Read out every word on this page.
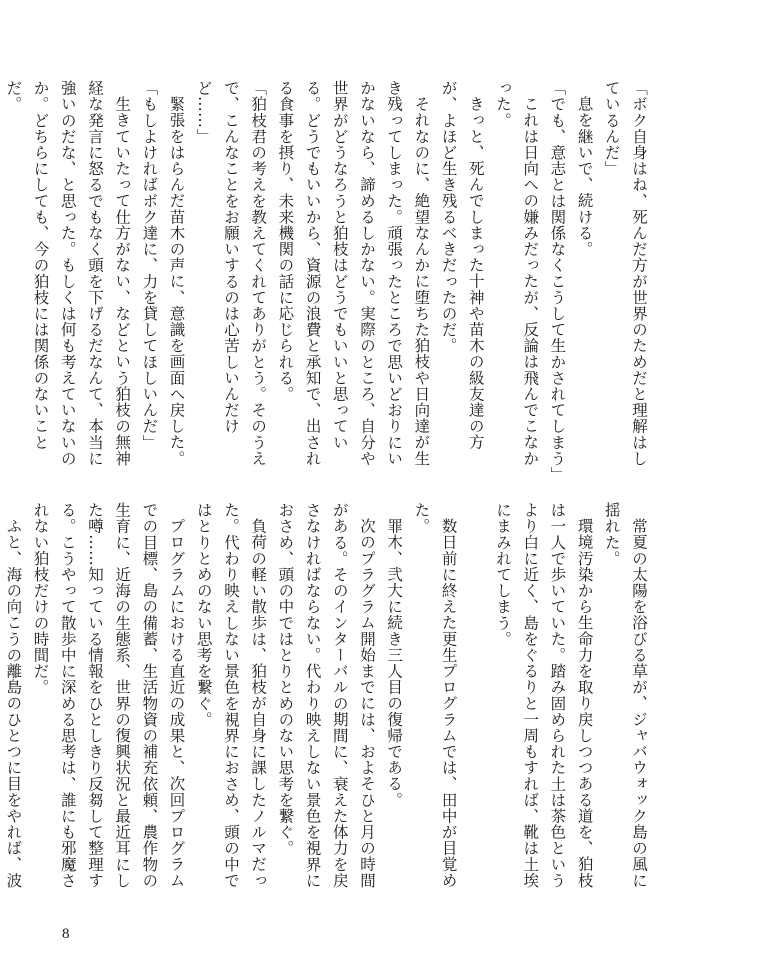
「ボク自身はね、死んだ方が世界のためだと理解はしているんだ」

息を継いで、続ける。

「でも、意志とは関係なくこうして生かされてしまう」

これは日向への嫌みだったが、反論は飛んでこなかった。

きっと、死んでしまった十神や苗木の級友達の方が、よほど生き残るべきだったのだ。

それなのに、絶望なんかに堕ちた狛枝や日向達が生き残ってしまった。頑張ったところで思いどおりにいかないなら、諦めるしかない。実際のところ、自分や世界がどうなろうと狛枝はどうでもいいと思っている。どうでもいいから、資源の浪費と承知で、出される食事を摂り、未来機関の話に応じられる。

「狛枝君の考えを教えてくれてありがとう。そのうえで、こんなことをお願いするのは心苦しいんだけど……」

緊張をはらんだ苗木の声に、意識を画面へ戻した。

「もしよければボク達に、力を貸してほしいんだ」

生きていたって仕方がない、などという狛枝の無神経な発言に怒るでもなく頭を下げるだなんて、本当に強いのだな、と思った。もしくは何も考えていないのか。どちらにしても、今の狛枝には関係のないことだ。

常夏の太陽を浴びる草が、ジャバウォック島の風に揺れた。

環境汚染から生命力を取り戻しつつある道を、狛枝は一人で歩いていた。踏み固められた土は茶色というより白に近く、島をぐるりと一周もすれば、靴は土埃にまみれてしまう。

数日前に終えた更生プログラムでは、田中が目覚めた。

罪木、弐大に続き三人目の復帰である。

次のプラグラム開始までには、およそひと月の時間がある。そのインターバルの期間に、衰えた体力を戻さなければならない。代わり映えしない景色を視界におさめ、頭の中ではとりとめのない思考を繋ぐ。

負荷の軽い散歩は、狛枝が自身に課したノルマだった。代わり映えしない景色を視界におさめ、頭の中ではとりとめのない思考を繋ぐ。

プログラムにおける直近の成果と、次回プログラムでの目標、島の備蓄、生活物資の補充依頼、農作物の生育に、近海の生態系、世界の復興状況と最近耳にした噂……知っている情報をひとしきり反芻して整理する。こうやって散歩中に深める思考は、誰にも邪魔されない狛枝だけの時間だ。

ふと、海の向こうの離島のひとつに目をやれば、波

8
